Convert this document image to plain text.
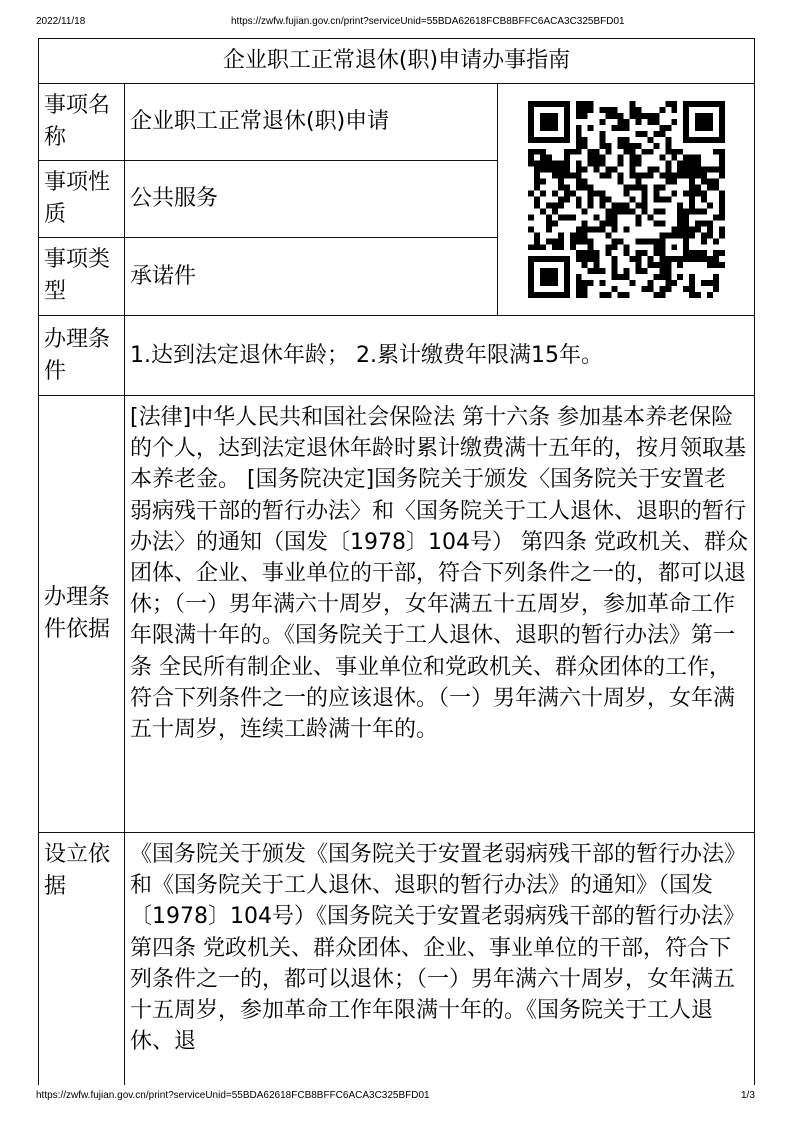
2022/11/18	https://zwfw.fujian.gov.cn/print?serviceUnid=55BDA62618FCB8BFFC6ACA3C325BFD01
企业职工正常退休(职)申请办事指南
事项名称
企业职工正常退休(职)申请
事项性质
公共服务
事项类型
承诺件
办理条件
1.达到法定退休年龄； 2.累计缴费年限满15年。
办理条件依据
[法律]中华人民共和国社会保险法 第十六条 参加基本养老保险的个人，达到法定退休年龄时累计缴费满十五年的，按月领取基本养老金。 [国务院决定]国务院关于颁发〈国务院关于安置老弱病残干部的暂行办法〉和〈国务院关于工人退休、退职的暂行办法〉的通知（国发〔1978〕104号） 第四条 党政机关、群众团体、企业、事业单位的干部，符合下列条件之一的，都可以退休；（一）男年满六十周岁，女年满五十五周岁，参加革命工作年限满十年的。《国务院关于工人退休、退职的暂行办法》第一条 全民所有制企业、事业单位和党政机关、群众团体的工作，符合下列条件之一的应该退休。（一）男年满六十周岁，女年满五十周岁，连续工龄满十年的。
设立依据
《国务院关于颁发《国务院关于安置老弱病残干部的暂行办法》和《国务院关于工人退休、退职的暂行办法》的通知》（国发〔1978〕104号）《国务院关于安置老弱病残干部的暂行办法》第四条 党政机关、群众团体、企业、事业单位的干部，符合下列条件之一的，都可以退休；（一）男年满六十周岁，女年满五十五周岁，参加革命工作年限满十年的。《国务院关于工人退休、退
https://zwfw.fujian.gov.cn/print?serviceUnid=55BDA62618FCB8BFFC6ACA3C325BFD01	1/3
